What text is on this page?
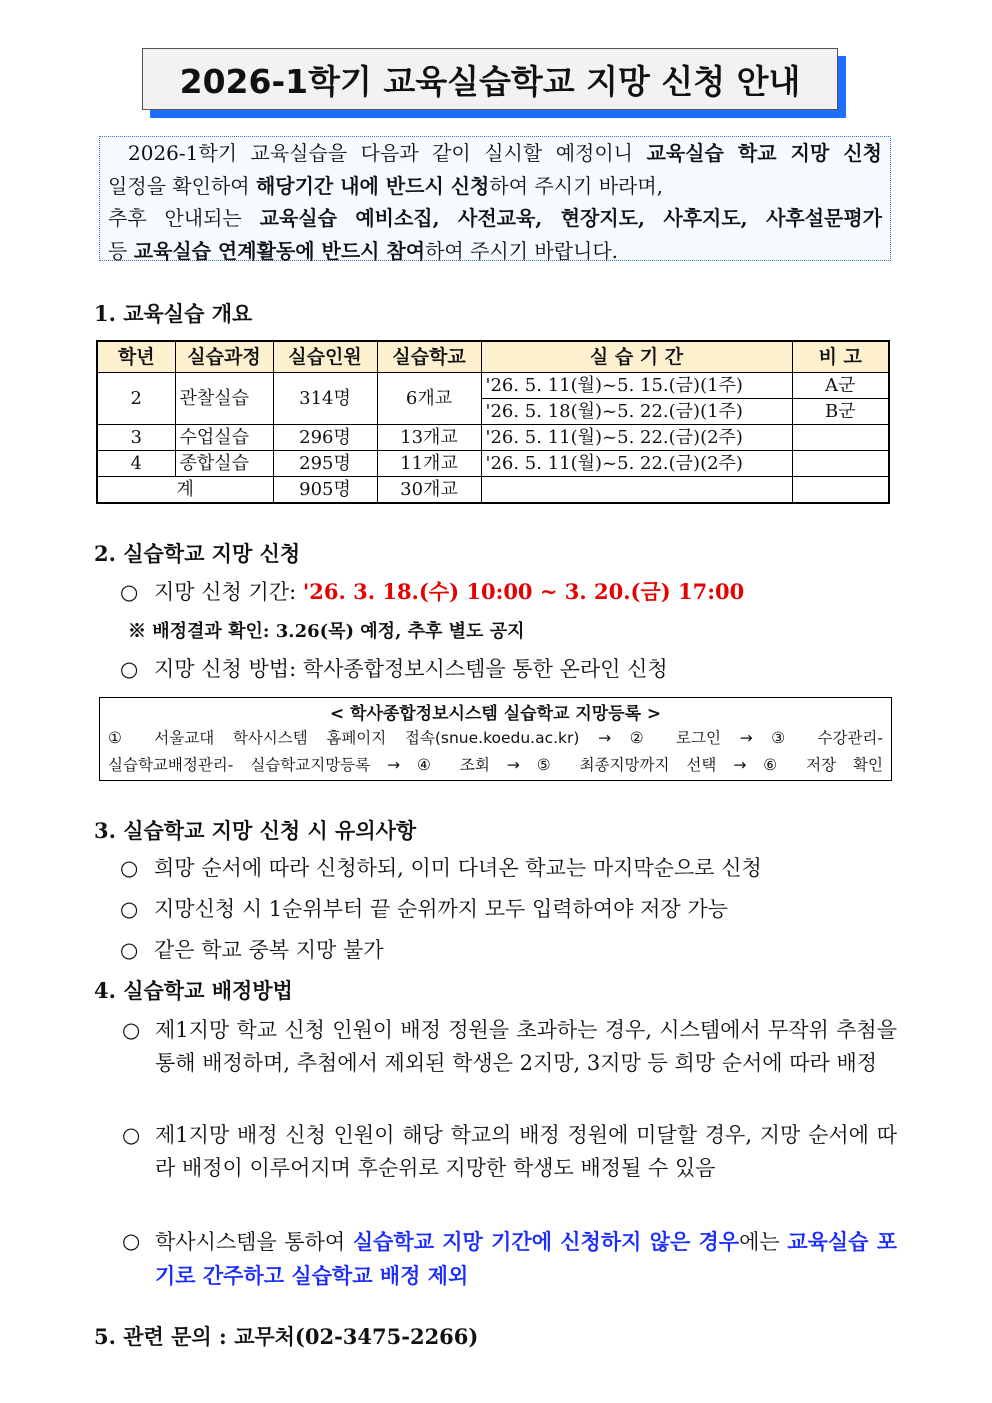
2026-1학기 교육실습학교 지망 신청 안내
2026-1학기 교육실습을 다음과 같이 실시할 예정이니 교육실습 학교 지망 신청
일정을 확인하여 해당기간 내에 반드시 신청하여 주시기 바라며,
추후 안내되는 교육실습 예비소집, 사전교육, 현장지도, 사후지도, 사후설문평가
등 교육실습 연계활동에 반드시 참여하여 주시기 바랍니다.
1. 교육실습 개요
학년	실습과정	실습인원	실습학교	실 습 기 간	비 고
2	관찰실습	314명	6개교	'26. 5. 11(월)~5. 15.(금)(1주)	A군
				'26. 5. 18(월)~5. 22.(금)(1주)	B군
3	수업실습	296명	13개교	'26. 5. 11(월)~5. 22.(금)(2주)	
4	종합실습	295명	11개교	'26. 5. 11(월)~5. 22.(금)(2주)	
계		905명	30개교		
2. 실습학교 지망 신청
○ 지망 신청 기간: '26. 3. 18.(수) 10:00 ~ 3. 20.(금) 17:00
※ 배정결과 확인: 3.26(목) 예정, 추후 별도 공지
○ 지망 신청 방법: 학사종합정보시스템을 통한 온라인 신청
< 학사종합정보시스템 실습학교 지망등록 >
① 서울교대 학사시스템 홈페이지 접속(snue.koedu.ac.kr) → ② 로그인 → ③ 수강관리-
실습학교배정관리- 실습학교지망등록 → ④ 조회 → ⑤ 최종지망까지 선택 → ⑥ 저장 확인
3. 실습학교 지망 신청 시 유의사항
○ 희망 순서에 따라 신청하되, 이미 다녀온 학교는 마지막순으로 신청
○ 지망신청 시 1순위부터 끝 순위까지 모두 입력하여야 저장 가능
○ 같은 학교 중복 지망 불가
4. 실습학교 배정방법
○ 제1지망 학교 신청 인원이 배정 정원을 초과하는 경우, 시스템에서 무작위 추첨을 통해 배정하며, 추첨에서 제외된 학생은 2지망, 3지망 등 희망 순서에 따라 배정
○ 제1지망 배정 신청 인원이 해당 학교의 배정 정원에 미달할 경우, 지망 순서에 따라 배정이 이루어지며 후순위로 지망한 학생도 배정될 수 있음
○ 학사시스템을 통하여 실습학교 지망 기간에 신청하지 않은 경우에는 교육실습 포기로 간주하고 실습학교 배정 제외
5. 관련 문의 : 교무처(02-3475-2266)
